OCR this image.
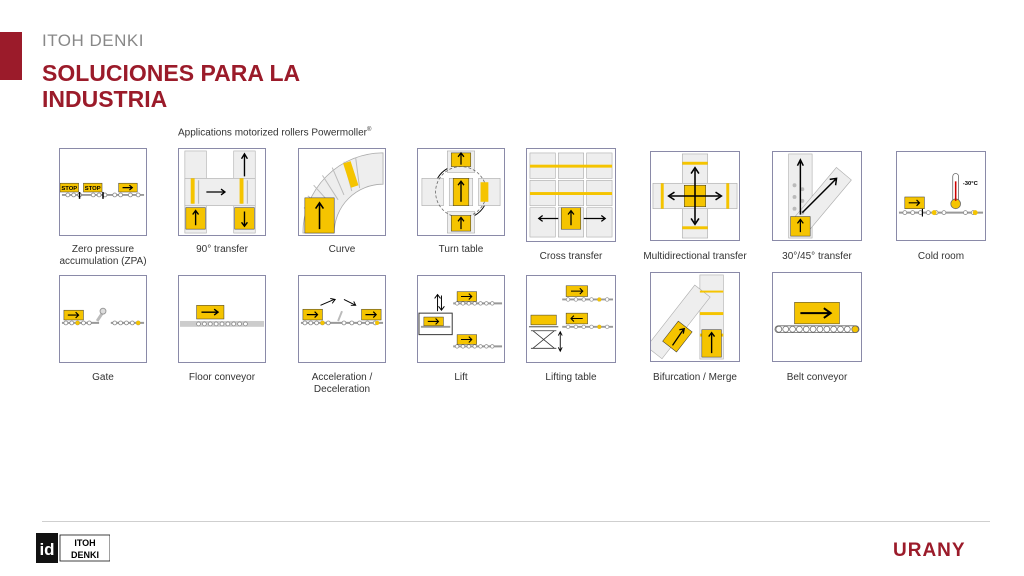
ITOH DENKI
SOLUCIONES PARA LA INDUSTRIA
Applications motorized rollers Powermoller®
STOP STOP
Zero pressure
accumulation (ZPA)
90° transfer	Curve	Turn table
Cross transfer	Multidirectional transfer	30°/45° transfer
-30°C
Cold room
Gate	Floor conveyor	Acceleration /
Deceleration
Lift	Lifting table	Bifurcation / Merge	Belt conveyor
id ITOH
DENKI	URANY
